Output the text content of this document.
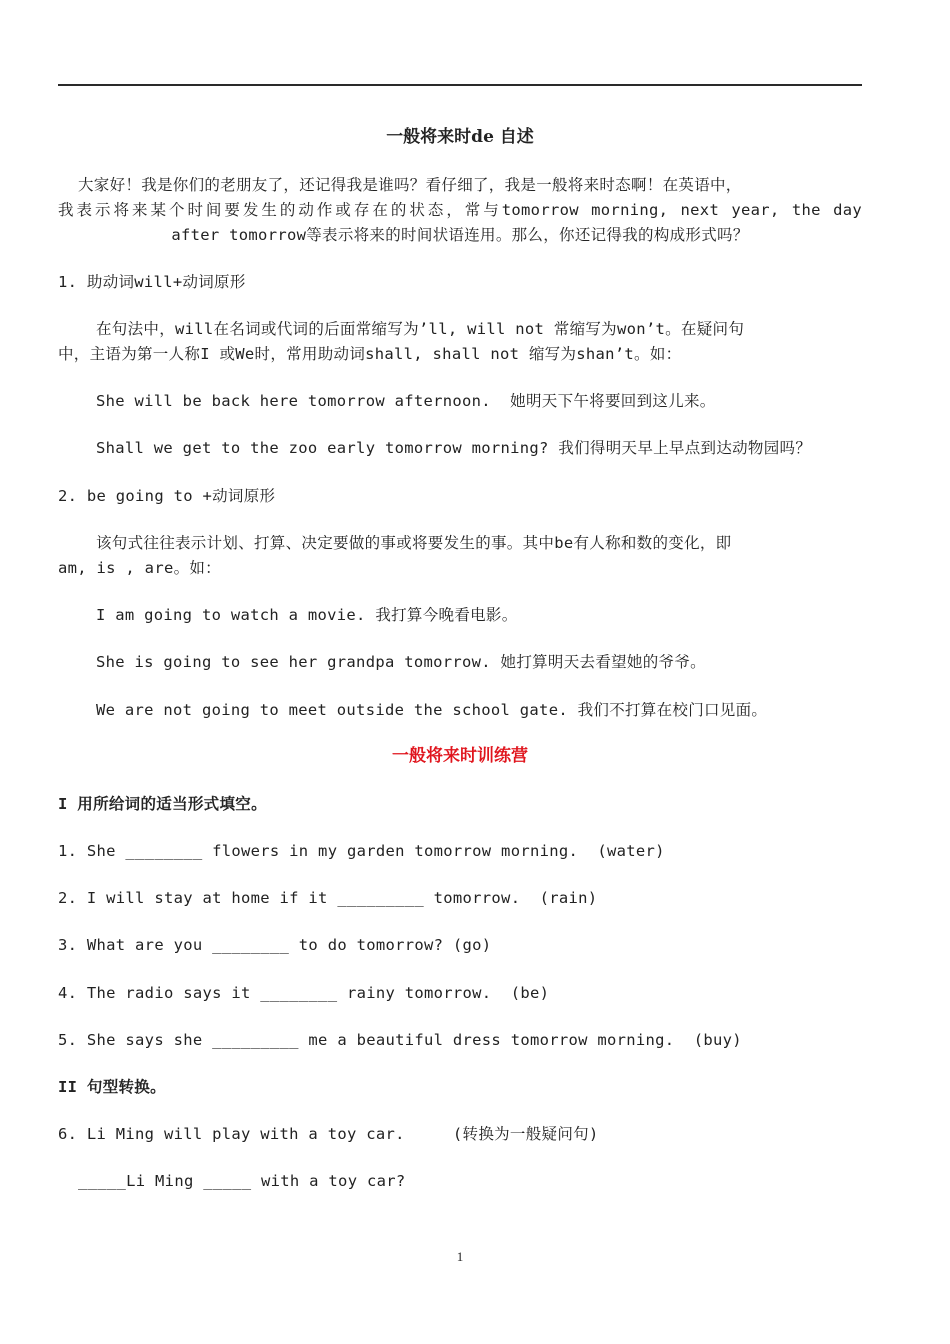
一般将来时de 自述
大家好！我是你们的老朋友了，还记得我是谁吗？看仔细了，我是一般将来时态啊！在英语中，
我表示将来某个时间要发生的动作或存在的状态，常与tomorrow morning, next year, the day
after tomorrow等表示将来的时间状语连用。那么，你还记得我的构成形式吗？
1. 助动词will+动词原形
在句法中，will在名词或代词的后面常缩写为’ll, will not 常缩写为won’t。在疑问句
中，主语为第一人称I 或We时，常用助动词shall, shall not 缩写为shan’t。如：
She will be back here tomorrow afternoon.  她明天下午将要回到这儿来。
Shall we get to the zoo early tomorrow morning? 我们得明天早上早点到达动物园吗？
2. be going to +动词原形
该句式往往表示计划、打算、决定要做的事或将要发生的事。其中be有人称和数的变化，即
am, is , are。如：
I am going to watch a movie. 我打算今晚看电影。
She is going to see her grandpa tomorrow. 她打算明天去看望她的爷爷。
We are not going to meet outside the school gate. 我们不打算在校门口见面。
一般将来时训练营
I 用所给词的适当形式填空。
1. She ________ flowers in my garden tomorrow morning.  (water)
2. I will stay at home if it _________ tomorrow.  (rain)
3. What are you ________ to do tomorrow? (go)
4. The radio says it ________ rainy tomorrow.  (be)
5. She says she _________ me a beautiful dress tomorrow morning.  (buy)
II 句型转换。
6. Li Ming will play with a toy car.     (转换为一般疑问句)
_____Li Ming _____ with a toy car?
1
